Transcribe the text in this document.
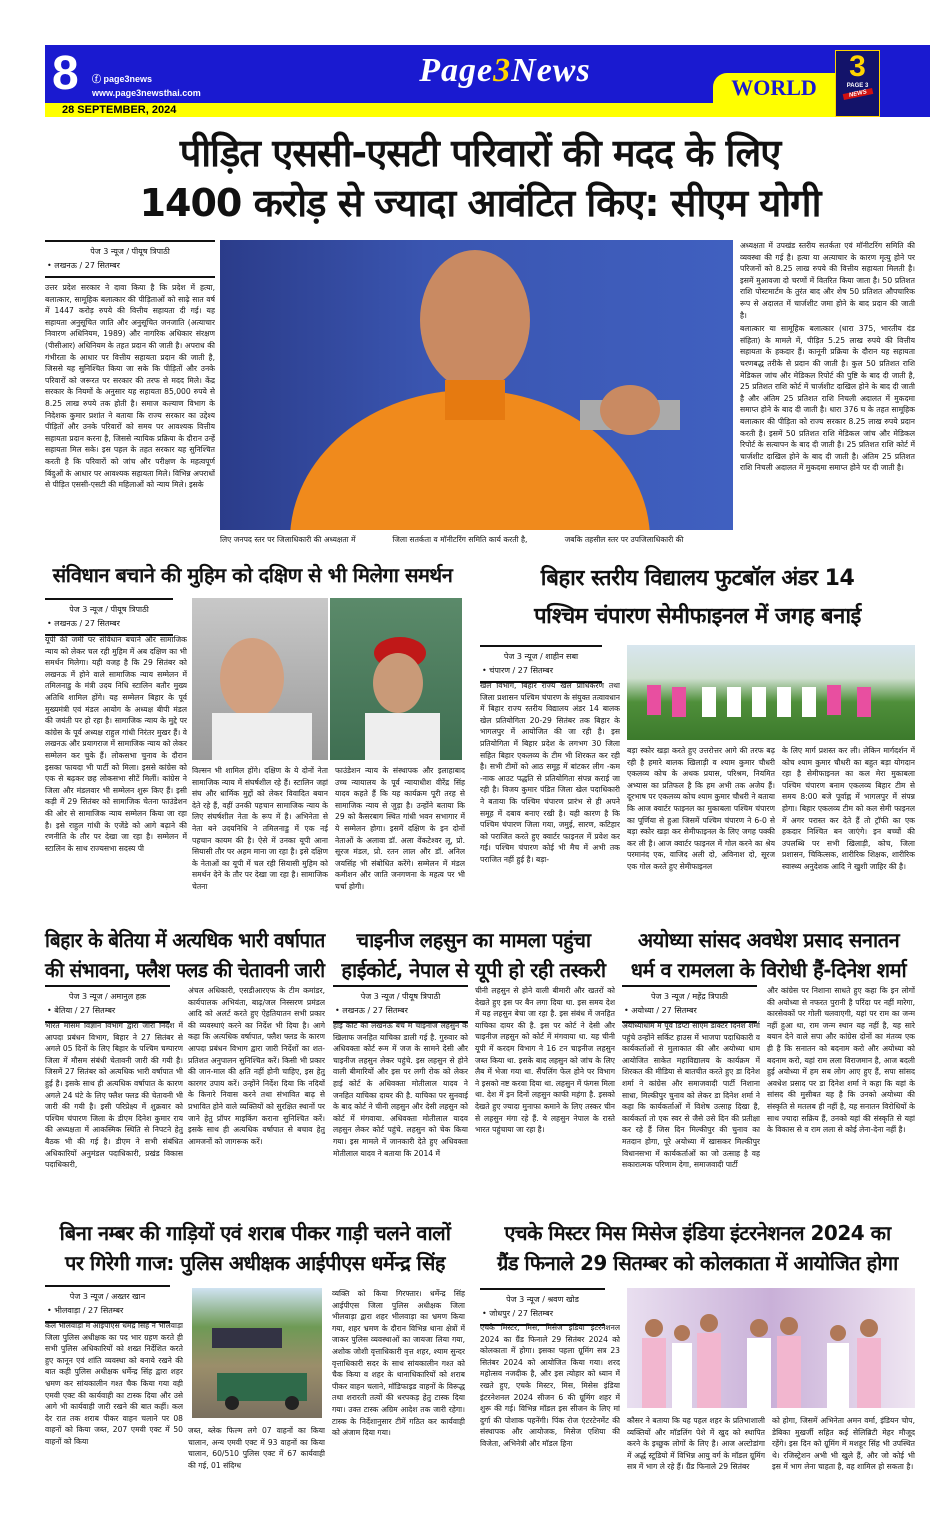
WORLD
8 ⓕ page3news
www.page3newsthai.com
28 SEPTEMBER, 2024
Page3News	3
PAGE 3
NEWS
पीड़ित एससी-एसटी परिवारों की मदद के लिए
1400 करोड़ से ज्यादा आवंटित किए: सीएम योगी
पेज 3 न्यूज / पीयूष त्रिपाठी
• लखनऊ / 27 सितम्बर

उत्तर प्रदेश सरकार ने दावा किया है कि प्रदेश में हत्या, बलात्कार, सामूहिक बलात्कार की पीड़िताओं को साढ़े सात वर्ष में 1447 करोड़ रुपये की वित्तीय सहायता दी गई। यह सहायता अनुसूचित जाति और अनुसूचित जनजाति (अत्याचार निवारण अधिनियम, 1989) और नागरिक अधिकार संरक्षण (पीसीआर) अधिनियम के तहत प्रदान की जाती है। अपराध की गंभीरता के आधार पर वित्तीय सहायता प्रदान की जाती है, जिससे यह सुनिश्चित किया जा सके कि पीड़ितों और उनके परिवारों को जरूरत पर सरकार की तरफ से मदद मिले। केंद्र सरकार के नियमों के अनुसार यह सहायता 85,000 रुपये से 8.25 लाख रुपये तक होती है। समाज कल्याण विभाग के निदेशक कुमार प्रशांत ने बताया कि राज्य सरकार का उद्देश्य पीड़ितों और उनके परिवारों को समय पर आवश्यक वित्तीय सहायता प्रदान करना है, जिससे न्यायिक प्रक्रिया के दौरान उन्हें सहायता मिल सके। इस पहल के तहत सरकार यह सुनिश्चित करती है कि परिवारों को जांच और परीक्षण के महत्वपूर्ण बिंदुओं के आधार पर आवश्यक सहायता मिले। विभिन्न अपराधों से पीड़ित एससी-एसटी की महिलाओं को न्याय मिले। इसके

लिए जनपद स्तर पर जिलाधिकारी की अध्यक्षता में	जिला सतर्कता व मॉनीटरिंग समिति कार्य करती है,	जबकि तहसील स्तर पर उपजिलाधिकारी की

अध्यक्षता में उपखंड स्तरीय सतर्कता एवं मॉनीटरिंग समिति की व्यवस्था की गई है। हत्या या अत्याचार के कारण मृत्यु होने पर परिजनों को 8.25 लाख रुपये की वित्तीय सहायता मिलती है। इसमें मुआवजा दो चरणों में वितरित किया जाता है। 50 प्रतिशत राशि पोस्टमार्टम के तुरंत बाद और शेष 50 प्रतिशत औपचारिक रूप से अदालत में चार्जशीट जमा होने के बाद प्रदान की जाती है।

बलात्कार या सामूहिक बलात्कार (धारा 375, भारतीय दंड संहिता) के मामले में, पीड़ित 5.25 लाख रुपये की वित्तीय सहायता के हकदार हैं। कानूनी प्रक्रिया के दौरान यह सहायता चरणबद्ध तरीके से प्रदान की जाती है। कुल 50 प्रतिशत राशि मेडिकल जांच और मेडिकल रिपोर्ट की पुष्टि के बाद दी जाती है, 25 प्रतिशत राशि कोर्ट में चार्जशीट दाखिल होने के बाद दी जाती है और अंतिम 25 प्रतिशत राशि निचली अदालत में मुकदमा समाप्त होने के बाद दी जाती है। धारा 376 घ के तहत सामूहिक बलात्कार की पीड़िता को राज्य सरकार 8.25 लाख रुपये प्रदान करती है। इसमें 50 प्रतिशत राशि मेडिकल जांच और मेडिकल रिपोर्ट के सत्यापन के बाद दी जाती है। 25 प्रतिशत राशि कोर्ट में चार्जशीट दाखिल होने के बाद दी जाती है। अंतिम 25 प्रतिशत राशि निचली अदालत में मुकदमा समाप्त होने पर दी जाती है।

संविधान बचाने की मुहिम को दक्षिण से भी मिलेगा समर्थन
पेज 3 न्यूज / पीयूष त्रिपाठी
• लखनऊ / 27 सितम्बर
यूपी की जमीं पर संविधान बचाने और सामाजिक न्याय को लेकर चल रही मुहिम में अब दक्षिण का भी समर्थन मिलेगा। यही वजह है कि 29 सितंबर को लखनऊ में होने वाले सामाजिक न्याय सम्मेलन में तमिलनाडु के मंत्री उदय निधि स्टालिन बतौर मुख्य अतिथि शामिल होंगे। यह सम्मेलन बिहार के पूर्व मुख्यमंत्री एवं मंडल आयोग के अध्यक्ष बीपी मंडल की जयंती पर हो रहा है। सामाजिक न्याय के मुद्दे पर कांग्रेस के पूर्व अध्यक्ष राहुल गांधी निरंतर मुखर हैं। वे लखनऊ और प्रयागराज में सामाजिक न्याय को लेकर सम्मेलन कर चुके हैं। लोकसभा चुनाव के दौरान इसका फायदा भी पार्टी को मिला। इससे कांग्रेस को एक से बढ़कर छह लोकसभा सीटें मिलीं। कांग्रेस ने जिला और मंडलवार भी सम्मेलन शुरू किए हैं। इसी कड़ी में 29 सितंबर को सामाजिक चेतना फाउंडेशन की ओर से सामाजिक न्याय सम्मेलन किया जा रहा है। इसे राहुल गांधी के एजेंडे को आगे बढ़ाने की रणनीति के तौर पर देखा जा रहा है। सम्मेलन में स्टालिन के साथ राज्यसभा सदस्य पी
विल्सन भी शामिल होंगे। दक्षिण के ये दोनों नेता सामाजिक न्याय में संघर्षशील रहे हैं। स्टालिन जहां संघ और धार्मिक मुद्दों को लेकर विवादित बयान देते रहे हैं, वहीं उनकी पहचान सामाजिक न्याय के लिए संघर्षशील नेता के रूप में है। अभिनेता से नेता बने उदयनिधि ने तमिलनाडु में एक नई पहचान कायम की है। ऐसे में उनका यूपी आना सियासी तौर पर अहम माना जा रहा है। इसे दक्षिण के नेताओं का यूपी में चल रही सियासी मुहिम को समर्थन देने के तौर पर देखा जा रहा है। सामाजिक चेतना
फाउंडेशन न्याय के संस्थापक और इलाहाबाद उच्च न्यायालय के पूर्व न्यायाधीश वीरेंद्र सिंह यादव कहते हैं कि यह कार्यक्रम पूरी तरह से सामाजिक न्याय से जुड़ा है। उन्होंने बताया कि 29 को कैसरबाग स्थित गांधी भवन सभागार में ये सम्मेलन होगा। इसमें दक्षिण के इन दोनों नेताओं के अलावा डॉ. अला वेंकटेश्वर लू, प्रो. सूरज मंडल, प्रो. रतन लाल और डॉ. अनिल जयसिंह भी संबोधित करेंगे। सम्मेलन में मंडल कमीशन और जाति जनगणना के महत्व पर भी चर्चा होगी।
बिहार स्तरीय विद्यालय फुटबॉल अंडर 14
पश्चिम चंपारण सेमीफाइनल में जगह बनाई
पेज 3 न्यूज / शाहीन सबा
• चंपारण / 27 सितम्बर
खेल विभाग, बिहार राज्य खेल प्राधिकरण तथा जिला प्रशासन पश्चिम चंपारण के संयुक्त तत्वावधान में बिहार राज्य स्तरीय विद्यालय अंडर 14 बालक खेल प्रतियोगिता 20-29 सितंबर तक बिहार के भागलपुर में आयोजित की जा रही है। इस प्रतियोगिता में बिहार प्रदेश के लगभग 30 जिला सहित बिहार एकलव्य के टीम भी शिरकत कर रही है। सभी टीमों को आठ समूह में बांटकर लीग -कम -नाक आउट पद्धति से प्रतियोगिता संपन्न कराई जा रही है। विजय कुमार पंडित जिला खेल पदाधिकारी ने बताया कि पश्चिम चंपारण प्रारंभ से ही अपने समूह में दबाव बनाए रखी है। यही कारण है कि पश्चिम चंपारण जिला गया, जमुई, सारण, कटिहार को पराजित करते हुए क्वार्टर फाइनल में प्रवेश कर गई। पश्चिम चंपारण कोई भी मैच में अभी तक पराजित नहीं हुई है। बड़ा-
बड़ा स्कोर खड़ा करते हुए उत्तरोत्तर आगे की तरफ बढ़ रही है हमारे बालक खिलाड़ी व श्याम कुमार चौधरी एकलव्य कोच के अथक प्रयास, परिश्रम, नियमित अभ्यास का प्रतिफल है कि हम अभी तक अजेय हैं। दूरभाष पर एकलव्य कोच श्याम कुमार चौधरी ने बताया कि आज क्वार्टर फाइनल का मुकाबला पश्चिम चंपारण का पूर्णिया से हुआ जिसमें पश्चिम चंपारण ने 6-0 से बड़ा स्कोर खड़ा कर सेमीफाइनल के लिए जगह पक्की कर ली है। आज क्वार्टर फाइनल में गोल करने का श्रेय परमानंद एक, वाजिद अली दो, अविनाश दो, सूरज एक गोल करते हुए सेमीफाइनल
के लिए मार्ग प्रशस्त कर ली। लेकिन मार्गदर्शन में कोच श्याम कुमार चौधरी का बहुत बड़ा योगदान रहा है सेमीफाइनल का कल मेरा मुकाबला पश्चिम चंपारण बनाम एकलव्य बिहार टीम से समय 8:00 बजे पूर्वाह्न में भागलपुर में संपन्न होगा। बिहार एकलव्य टीम को कल सेमी फाइनल में अगर परास्त कर देते हैं तो ट्रॉफी का एक हकदार निश्चित बन जाएंगे। इन बच्चों की उपलब्धि पर सभी खिलाड़ी, कोच, जिला प्रशासन, चिकित्सक, शारीरिक शिक्षक, शारीरिक स्वास्थ्य अनुदेशक आदि ने खुशी जाहिर की है।
बिहार के बेतिया में अत्यधिक भारी वर्षापात
की संभावना, फ्लैश फ्लड की चेतावनी जारी
पेज 3 न्यूज / अमानुल हक़
• बेतिया / 27 सितम्बर
भारत मौसम विज्ञान विभाग द्वारा जारी निर्देश में आपदा प्रबंधन विभाग, बिहार ने 27 सितंबर से अगले 05 दिनों के लिए बिहार के पश्चिम चम्पारण जिला में मौसम संबंधी चेतावनी जारी की गयी है। जिसमें 27 सितंबर को अत्यधिक भारी वर्षापात भी हुई है। इसके साथ ही अत्यधिक वर्षापात के कारण अगले 24 घंटे के लिए फ्लैश फ्लड की चेतावनी भी जारी की गयी है। इसी परिप्रेक्ष्य में शुक्रवार को पश्चिम चंपारण जिला के डीएम दिनेश कुमार राय की अध्यक्षता में आकस्मिक स्थिति से निपटने हेतु बैठक भी की गई है। डीएम ने सभी संबंधित अधिकारियों अनुमंडल पदाधिकारी, प्रखंड विकास पदाधिकारी,
अंचल अधिकारी, एसडीआरएफ के टीम कमांडर, कार्यपालक अभियंता, बाढ़/जल निस्सरण प्रमंडल आदि को अलर्ट करते हुए ऐहतियातन सभी प्रकार की व्यवस्थाएं करने का निर्देश भी दिया है। आगे कहा कि अत्यधिक वर्षापात, फ्लैश फ्लड के कारण आपदा प्रबंधन विभाग द्वारा जारी निर्देशों का शत-प्रतिशत अनुपालन सुनिश्चित करें। किसी भी प्रकार की जान-माल की क्षति नहीं होनी चाहिए, इस हेतु कारगर उपाय करें। उन्होंने निर्देश दिया कि नदियों के किनारे निवास करने तथा संभावित बाढ़ से प्रभावित होने वाले व्यक्तियों को सुरक्षित स्थानों पर जाने हेतु प्रॉपर माइकिंग कराना सुनिश्चित करें। इसके साथ ही अत्यधिक वर्षापात से बचाव हेतु आमजनों को जागरूक करें।
चाइनीज लहसुन का मामला पहुंचा
हाईकोर्ट, नेपाल से यूपी हो रही तस्करी
पेज 3 न्यूज / पीयूष त्रिपाठी
• लखनऊ / 27 सितम्बर
हाई कोर्ट की लखनऊ बेंच में चाइनीज लहसुन के खिलाफ जनहित याचिका डाली गई है. गुरुवार को अधिवक्ता कोर्ट रूम में जज के सामने देसी और चाइनीज लहसुन लेकर पहुंचे. इस लहसुन से होने वाली बीमारियों और इस पर लगी रोक को लेकर हाई कोर्ट के अधिवक्ता मोतीलाल यादव ने जनहित याचिका दायर की है. याचिका पर सुनवाई के बाद कोर्ट ने चीनी लहसुन और देसी लहसुन को कोर्ट में मंगवाया. अधिवक्ता मोतीलाल यादव लहसुन लेकर कोर्ट पहुंचे. लहसुन को चेक किया गया। इस मामले में जानकारी देते हुए अधिवक्ता मोतीलाल यादव ने बताया कि 2014 में
चीनी लहसुन से होने वाली बीमारी और खतरों को देखते हुए इस पर बैन लगा दिया था. इस समय देश में यह लहसुन बेचा जा रहा है. इस संबंध में जनहित याचिका दायर की है. इस पर कोर्ट ने देसी और चाइनीज लहसुन को कोर्ट में मंगवाया था. यह चीनी यूपी में करदम विभाग ने 16 टन चाइनीज लहसुन जब्त किया था. इसके बाद लहसुन को जांच के लिए लैब में भेजा गया था. सैंपलिंग फेल होने पर विभाग ने इसको नष्ट करवा दिया था. लहसुन में फंगस मिला था. देश में इन दिनों लहसुन काफी महंगा है. इसको देखते हुए ज्यादा मुनाफा कमाने के लिए तस्कर चीन से लहसुन मंगा रहे हैं. ये लहसुन नेपाल के रास्ते भारत पहुंचाया जा रहा है।
अयोध्या सांसद अवधेश प्रसाद सनातन
धर्म व रामलला के विरोधी हैं-दिनेश शर्मा
पेज 3 न्यूज / महेंद्र त्रिपाठी
• अयोध्या / 27 सितम्बर
अयोध्याधाम में पूर्व डिप्टी सीएम डॉक्टर दिनेश शर्मा पहुंचे उन्होंने सर्किट हाउस में भाजपा पदाधिकारी व कार्यकर्ताओं से मुलाकात की और अयोध्या धाम आयोजित साकेत महाविद्यालय के कार्यक्रम में शिरकत की मीडिया से बातचीत करते हुए डा दिनेश शर्मा ने कांग्रेस और समाजवादी पार्टी निशाना साधा, मिल्कीपुर चुनाव को लेकर डा दिनेश शर्मा ने कहा कि कार्यकर्ताओं में विशेष उत्साह दिखा है, कार्यकर्ता तो एक स्वर से जैसे उसे दिन की प्रतीक्षा कर रहे हैं जिस दिन मिल्कीपुर की चुनाव का मतदान होगा, पूरे अयोध्या में खासकर मिल्कीपुर विधानसभा में कार्यकर्ताओं का जो उत्साह है वह सकारात्मक परिणाम देगा, समाजवादी पार्टी
और कांग्रेस पर निशाना साधते हुए कहा कि इन लोगों की अयोध्या से नफरत पुरानी है परिंदा पर नहीं मारेगा, कारसेवकों पर गोली चलवाएगी, यहां पर राम का जन्म नहीं हुआ था, राम जन्म स्थान यह नहीं है, यह सारे बयान देने वाले सपा और कांग्रेस दोनों का मंतव्य एक ही है कि सनातन को बदनाम करो और अयोध्या को बदनाम करो, यहां राम लला विराजमान है, आज बदली हुई अयोध्या में हम सब लोग आए हुए हैं, सपा सांसद अवधेश प्रसाद पर डा दिनेश शर्मा ने कहा कि यहां के सांसद की मुसीबत यह है कि उनको अयोध्या की संस्कृति से मतलब ही नहीं है, यह सनातन विरोधियों के साथ ज्यादा सक्रिय हैं, उनको यहां की संस्कृति से यहां के विकास से व राम लला से कोई लेना-देना नहीं है।
बिना नम्बर की गाड़ियों एवं शराब पीकर गाड़ी चलने वालों
पर गिरेगी गाज: पुलिस अधीक्षक आईपीएस धर्मेन्द्र सिंह
पेज 3 न्यूज / अख्तर खान
• भीलवाड़ा / 27 सितम्बर
कल भीलवाड़ा में आईपीएस धर्मेंद्र सिंह ने भीलवाड़ा जिला पुलिस अधीक्षक का पद भार ग्रहण करते ही सभी पुलिस अधिकारियों को शख्त निर्देशित करते हुए कानून एवं शांति व्यवस्था को बनाये रखने की बात कही पुलिस अधीक्षक धर्मेन्द्र सिंह द्वारा शहर भ्रमण कर सांयकालीन गश्त चैक किया गया वही एमवी एक्ट की कार्यवाही का टास्क दिया और उसे आगे भी कार्यवाही जारी रखने की बात कहीं। कल देर रात तक शराब पीकर वाहन चलाने पर 08 वाहनों को किया जब्त, 207 एमवी एक्ट में 50 वाहनों को किया
जब्त, ब्लेक फिल्म लगे 07 वाहनों का किया चालान, अन्य एमवी एक्ट में 93 वाहनों का किया चालान, 60/510 पुलिस एक्ट में 67 कार्यवाही की गई, 01 संदिग्ध
व्यक्ति को किया गिरफ्तार। धर्मेन्द्र सिंह आईपीएस जिला पुलिस अधीक्षक जिला भीलवाड़ा द्वारा शहर भीलवाड़ा का भ्रमण किया गया, शहर भ्रमण के दौरान विभिन्न थाना क्षेत्रों में जाकर पुलिस व्यवस्थाओं का जायजा लिया गया, अशोक जोशी वृत्ताधिकारी वृत्त शहर, श्याम सुन्दर वृत्ताधिकारी सदर के साथ सांयकालीन गश्त को चैक किया व शहर के थानाधिकारियों को शराब पीकर वाहन चलाने, मॉडिफाइड वाहनों के विरूद्ध तथा शरारती तत्वों की धरपकड़ हेतु टास्क दिया गया। उक्त टास्क अग्रिम आदेश तक जारी रहेगा। टास्क के निर्देशानुसार टीमें गठित कर कार्यवाही को अंजाम दिया गया।
एचके मिस्टर मिस मिसेज इंडिया इंटरनेशनल 2024 का
ग्रैंड फिनाले 29 सितम्बर को कोलकाता में आयोजित होगा
पेज 3 न्यूज / श्रवण खोड
• जोधपुर / 27 सितम्बर
एचके मिस्टर, मिस, मिसेज इंडिया इंटरनेशनल 2024 का ग्रैंड फिनाले 29 सितंबर 2024 को कोलकाता में होगा। इसका पहला ग्रूमिंग सत्र 23 सितंबर 2024 को आयोजित किया गया। शरद महोत्सव नजदीक है, और इस त्योहार को ध्यान में रखते हुए, एचके मिस्टर, मिस, मिसेस इंडिया इंटरनेशनल 2024 सीजन 6 की ग्रूमिंग शहर में शुरू की गई। विभिन्न मॉडल इस सीजन के लिए मां दुर्गा की पोशाक पहनेंगी। पिंक रोज एंटरटेनमेंट की संस्थापक और आयोजक, मिसेज एशिया की विजेता, अभिनेत्री और मॉडल हिना
कौसर ने बताया कि यह पहल शहर के प्रतिभाशाली व्यक्तियों और मॉडलिंग पेशे में खुद को स्थापित करने के इच्छुक लोगों के लिए है। आज अल्टोडांगा में अर्द्ध स्टूडियो में विभिन्न आयु वर्ग के मॉडल ग्रूमिंग सत्र में भाग ले रहे हैं। ग्रैंड फिनाले 29 सितंबर
को होगा, जिसमें अभिनेता अमन वर्मा, इंडियन चोप, डेबिका मुखर्जी सहित कई सेलिब्रिटी मेहर मौजूद रहेंगे। इस दिन को ग्रूमिंग में मशहूर सिंह भी उपस्थित थे। रजिस्ट्रेशन अभी भी खुले हैं, और जो कोई भी इस में भाग लेना चाहता है, वह शामिल हो सकता है।
